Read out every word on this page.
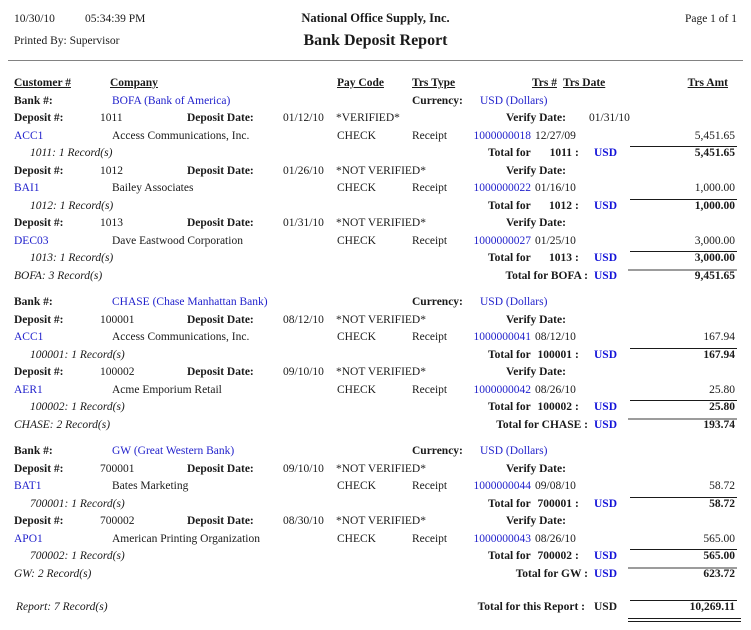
10/30/10	05:34:39 PM	National Office Supply, Inc.	Page 1 of 1
Printed By: Supervisor	Bank Deposit Report
Customer #	Company	Pay Code Trs Type	Trs # Trs Date	Trs Amt
Bank #:	BOFA (Bank of America)	Currency: USD (Dollars)
Deposit #:	1011	Deposit Date:	01/12/10 *VERIFIED*	Verify Date: 01/31/10
ACC1	Access Communications, Inc.	CHECK	Receipt	1000000018 12/27/09	5,451.65
1011: 1 Record(s)	Total for	1011 : USD	5,451.65
Deposit #:	1012	Deposit Date:	01/26/10 *NOT VERIFIED*	Verify Date:
BAI1	Bailey Associates	CHECK	Receipt	1000000022 01/16/10	1,000.00
1012: 1 Record(s)	Total for	1012 : USD	1,000.00
Deposit #:	1013	Deposit Date:	01/31/10 *NOT VERIFIED*	Verify Date:
DEC03	Dave Eastwood Corporation	CHECK	Receipt	1000000027 01/25/10	3,000.00
1013: 1 Record(s)	Total for	1013 : USD	3,000.00
BOFA: 3 Record(s)	Total for BOFA : USD	9,451.65
Bank #:	CHASE (Chase Manhattan Bank)	Currency: USD (Dollars)
Deposit #:	100001	Deposit Date:	08/12/10 *NOT VERIFIED*	Verify Date:
ACC1	Access Communications, Inc.	CHECK	Receipt	1000000041 08/12/10	167.94
100001: 1 Record(s)	Total for 100001 : USD	167.94
Deposit #:	100002	Deposit Date:	09/10/10 *NOT VERIFIED*	Verify Date:
AER1	Acme Emporium Retail	CHECK	Receipt	1000000042 08/26/10	25.80
100002: 1 Record(s)	Total for 100002 : USD	25.80
CHASE: 2 Record(s)	Total for CHASE : USD	193.74
Bank #:	GW (Great Western Bank)	Currency: USD (Dollars)
Deposit #:	700001	Deposit Date:	09/10/10 *NOT VERIFIED*	Verify Date:
BAT1	Bates Marketing	CHECK	Receipt	1000000044 09/08/10	58.72
700001: 1 Record(s)	Total for 700001 : USD	58.72
Deposit #:	700002	Deposit Date:	08/30/10 *NOT VERIFIED*	Verify Date:
APO1	American Printing Organization	CHECK	Receipt	1000000043 08/26/10	565.00
700002: 1 Record(s)	Total for 700002 : USD	565.00
GW: 2 Record(s)	Total for GW : USD	623.72
Report: 7 Record(s)	Total for this Report : USD	10,269.11
